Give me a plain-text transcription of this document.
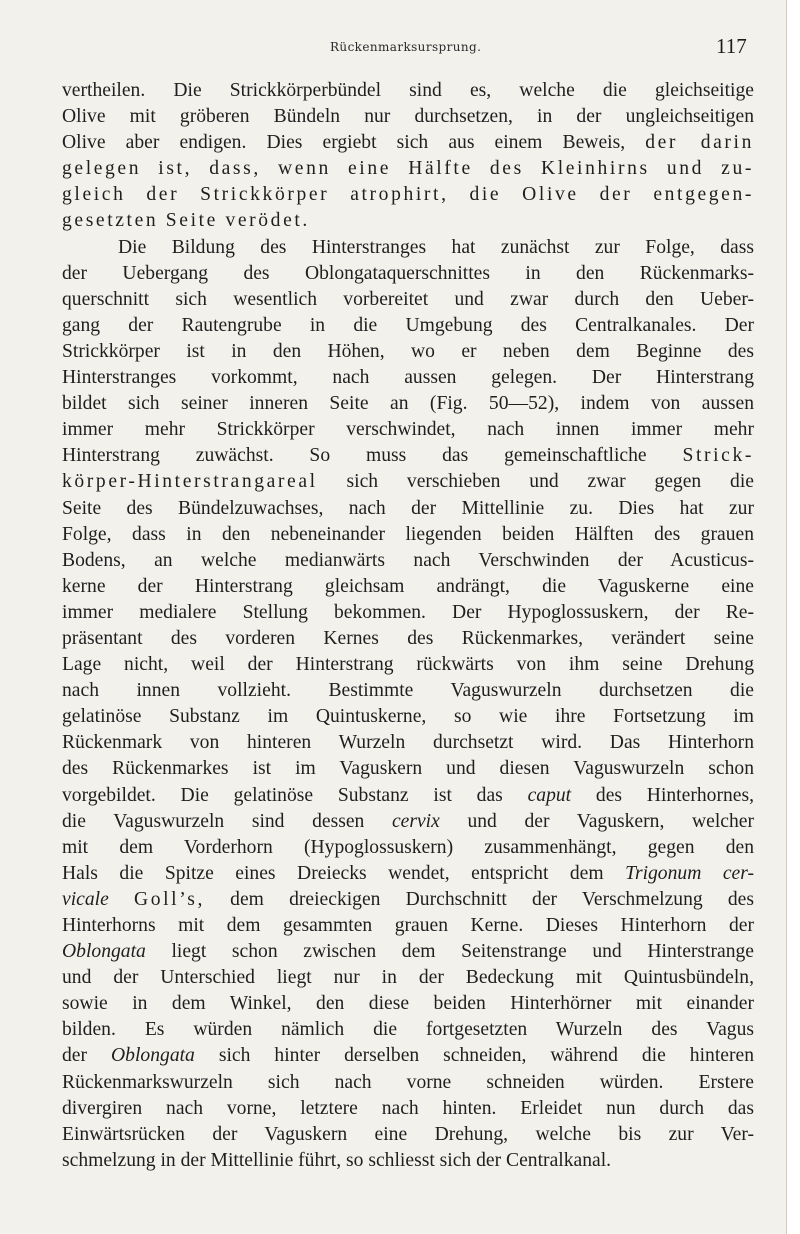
Rückenmarksursprung.	117
vertheilen. Die Strickkörperbündel sind es, welche die gleichseitige
Olive mit gröberen Bündeln nur durchsetzen, in der ungleichseitigen
Olive aber endigen. Dies ergiebt sich aus einem Beweis, der darin
gelegen ist, dass, wenn eine Hälfte des Kleinhirns und zu-
gleich der Strickkörper atrophirt, die Olive der entgegen-
gesetzten Seite verödet.
Die Bildung des Hinterstranges hat zunächst zur Folge, dass
der Uebergang des Oblongataquerschnittes in den Rückenmarks-
querschnitt sich wesentlich vorbereitet und zwar durch den Ueber-
gang der Rautengrube in die Umgebung des Centralkanales. Der
Strickkörper ist in den Höhen, wo er neben dem Beginne des
Hinterstranges vorkommt, nach aussen gelegen. Der Hinterstrang
bildet sich seiner inneren Seite an (Fig. 50—52), indem von aussen
immer mehr Strickkörper verschwindet, nach innen immer mehr
Hinterstrang zuwächst. So muss das gemeinschaftliche Strick-
körper-Hinterstrangareal sich verschieben und zwar gegen die
Seite des Bündelzuwachses, nach der Mittellinie zu. Dies hat zur
Folge, dass in den nebeneinander liegenden beiden Hälften des grauen
Bodens, an welche medianwärts nach Verschwinden der Acusticus-
kerne der Hinterstrang gleichsam andrängt, die Vaguskerne eine
immer medialere Stellung bekommen. Der Hypoglossuskern, der Re-
präsentant des vorderen Kernes des Rückenmarkes, verändert seine
Lage nicht, weil der Hinterstrang rückwärts von ihm seine Drehung
nach innen vollzieht. Bestimmte Vaguswurzeln durchsetzen die
gelatinöse Substanz im Quintuskerne, so wie ihre Fortsetzung im
Rückenmark von hinteren Wurzeln durchsetzt wird. Das Hinterhorn
des Rückenmarkes ist im Vaguskern und diesen Vaguswurzeln schon
vorgebildet. Die gelatinöse Substanz ist das caput des Hinterhornes,
die Vaguswurzeln sind dessen cervix und der Vaguskern, welcher
mit dem Vorderhorn (Hypoglossuskern) zusammenhängt, gegen den
Hals die Spitze eines Dreiecks wendet, entspricht dem Trigonum cer-
vicale Goll’s, dem dreieckigen Durchschnitt der Verschmelzung des
Hinterhorns mit dem gesammten grauen Kerne. Dieses Hinterhorn der
Oblongata liegt schon zwischen dem Seitenstrange und Hinterstrange
und der Unterschied liegt nur in der Bedeckung mit Quintusbündeln,
sowie in dem Winkel, den diese beiden Hinterhörner mit einander
bilden. Es würden nämlich die fortgesetzten Wurzeln des Vagus
der Oblongata sich hinter derselben schneiden, während die hinteren
Rückenmarkswurzeln sich nach vorne schneiden würden. Erstere
divergiren nach vorne, letztere nach hinten. Erleidet nun durch das
Einwärtsrücken der Vaguskern eine Drehung, welche bis zur Ver-
schmelzung in der Mittellinie führt, so schliesst sich der Centralkanal.
